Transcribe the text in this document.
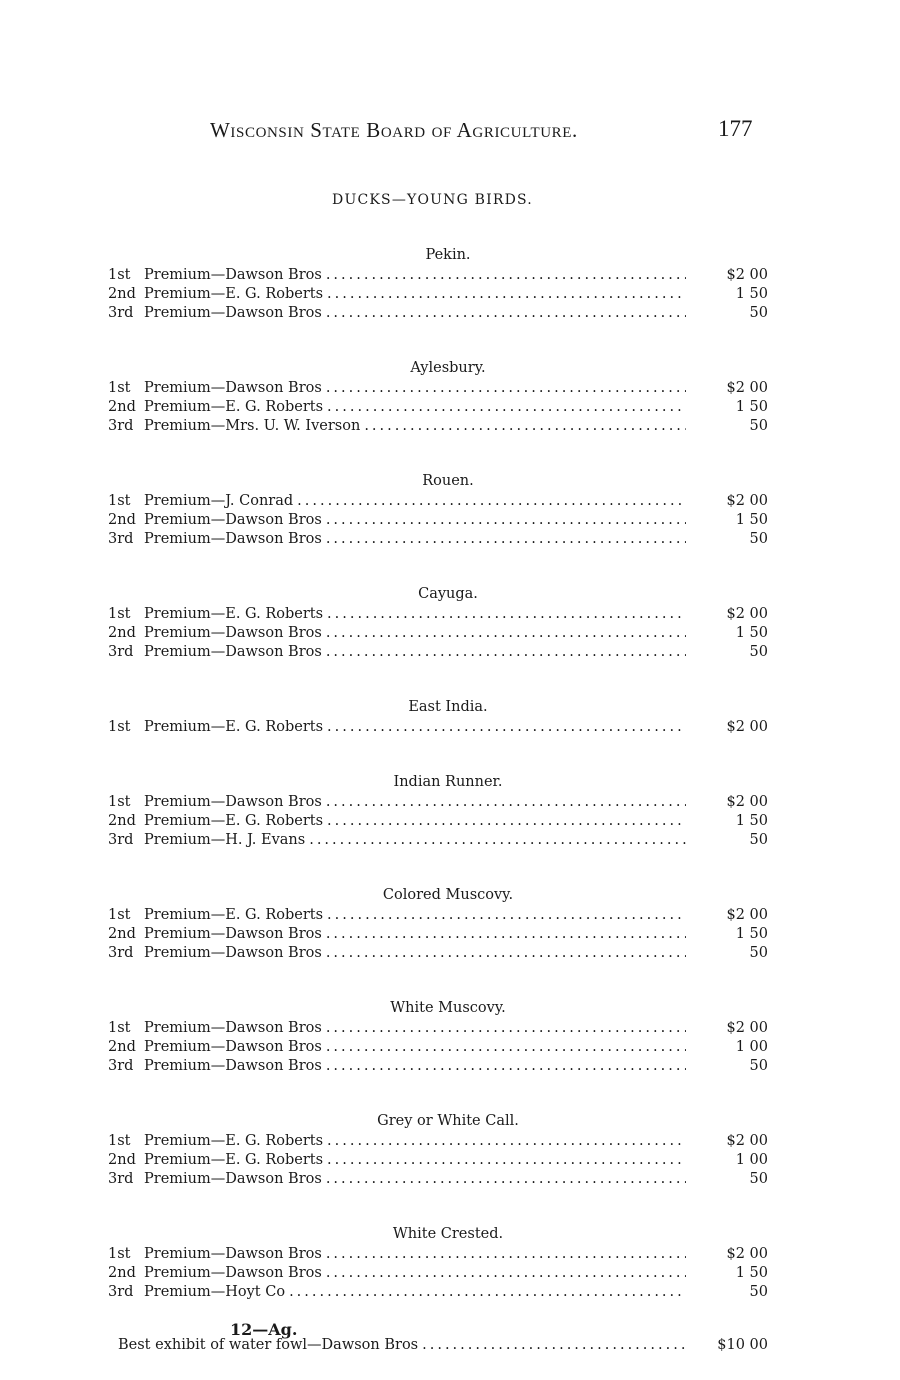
Wisconsin State Board of Agriculture.	177
DUCKS—YOUNG BIRDS.
Pekin.
1st Premium—Dawson Bros .....	$2 00
2nd Premium—E. G. Roberts .....	1 50
3rd Premium—Dawson Bros .....	50
Aylesbury.
1st Premium—Dawson Bros .....	$2 00
2nd Premium—E. G. Roberts .....	1 50
3rd Premium—Mrs. U. W. Iverson .....	50
Rouen.
1st Premium—J. Conrad .....	$2 00
2nd Premium—Dawson Bros .....	1 50
3rd Premium—Dawson Bros .....	50
Cayuga.
1st Premium—E. G. Roberts .....	$2 00
2nd Premium—Dawson Bros .....	1 50
3rd Premium—Dawson Bros .....	50
East India.
1st Premium—E. G. Roberts .....	$2 00
Indian Runner.
1st Premium—Dawson Bros .....	$2 00
2nd Premium—E. G. Roberts .....	1 50
3rd Premium—H. J. Evans .....	50
Colored Muscovy.
1st Premium—E. G. Roberts .....	$2 00
2nd Premium—Dawson Bros .....	1 50
3rd Premium—Dawson Bros .....	50
White Muscovy.
1st Premium—Dawson Bros .....	$2 00
2nd Premium—Dawson Bros .....	1 00
3rd Premium—Dawson Bros .....	50
Grey or White Call.
1st Premium—E. G. Roberts .....	$2 00
2nd Premium—E. G. Roberts .....	1 00
3rd Premium—Dawson Bros .....	50
White Crested.
1st Premium—Dawson Bros .....	$2 00
2nd Premium—Dawson Bros .....	1 50
3rd Premium—Hoyt Co .....	50
Best exhibit of water fowl—Dawson Bros .....	$10 00
12—Ag.
